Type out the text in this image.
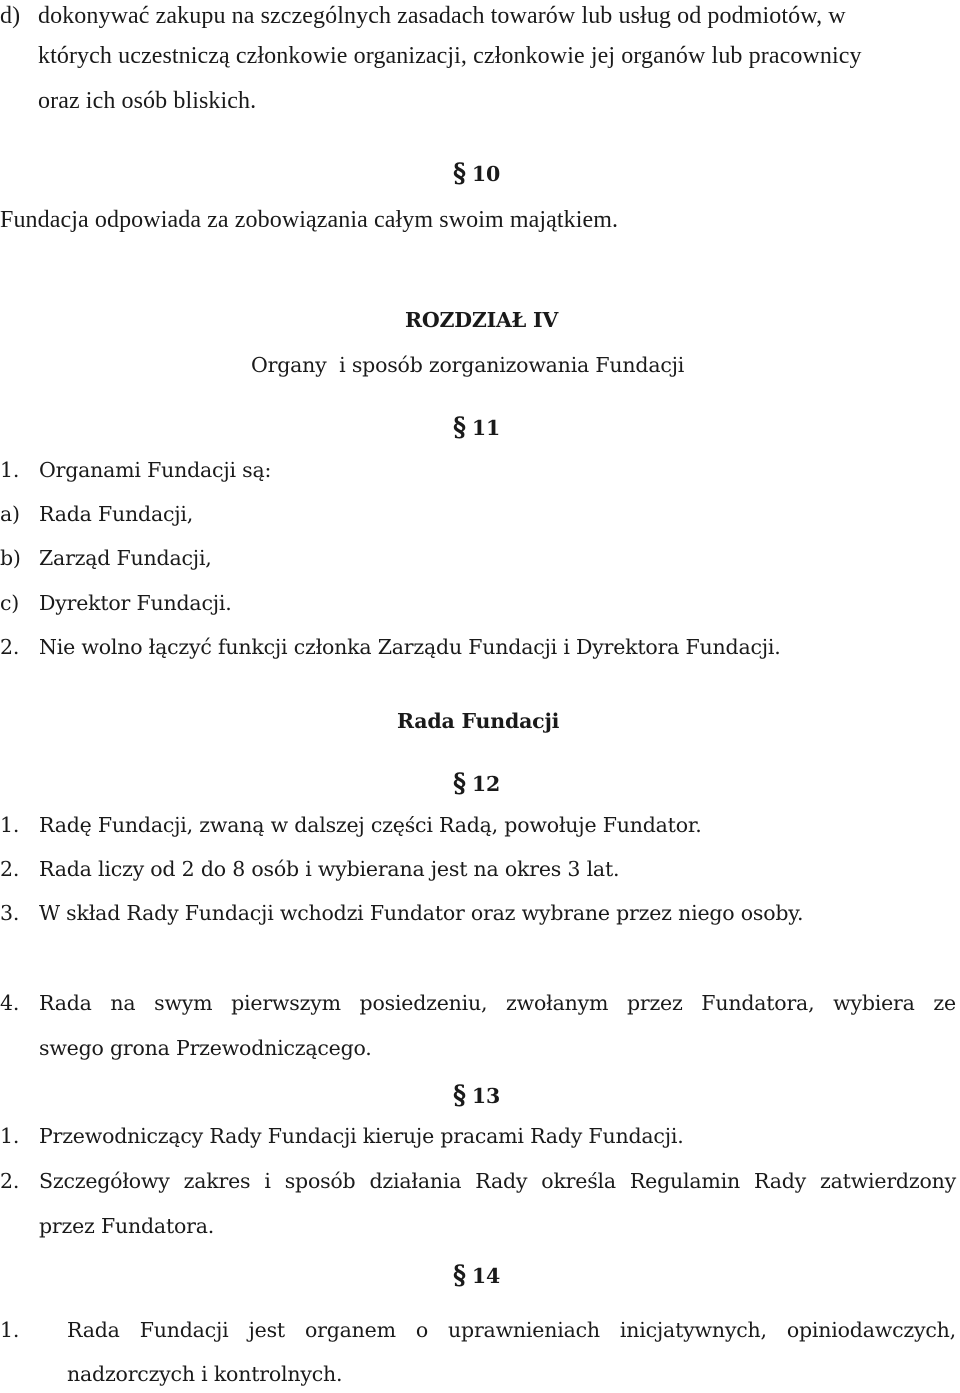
d) dokonywać zakupu na szczególnych zasadach towarów lub usług od podmiotów, w
których uczestniczą członkowie organizacji, członkowie jej organów lub pracownicy
oraz ich osób bliskich.
§ 10
Fundacja odpowiada za zobowiązania całym swoim majątkiem.
ROZDZIAŁ IV
Organy  i sposób zorganizowania Fundacji
§ 11
1. Organami Fundacji są:
a) Rada Fundacji,
b) Zarząd Fundacji,
c) Dyrektor Fundacji.
2. Nie wolno łączyć funkcji członka Zarządu Fundacji i Dyrektora Fundacji.
Rada Fundacji
§ 12
1. Radę Fundacji, zwaną w dalszej części Radą, powołuje Fundator.
2. Rada liczy od 2 do 8 osób i wybierana jest na okres 3 lat.
3. W skład Rady Fundacji wchodzi Fundator oraz wybrane przez niego osoby.
4. Rada na swym pierwszym posiedzeniu, zwołanym przez Fundatora, wybiera ze
swego grona Przewodniczącego.
§ 13
1. Przewodniczący Rady Fundacji kieruje pracami Rady Fundacji.
2. Szczegółowy zakres i sposób działania Rady określa Regulamin Rady zatwierdzony
przez Fundatora.
§ 14
1. Rada Fundacji jest organem o uprawnieniach inicjatywnych, opiniodawczych,
nadzorczych i kontrolnych.
